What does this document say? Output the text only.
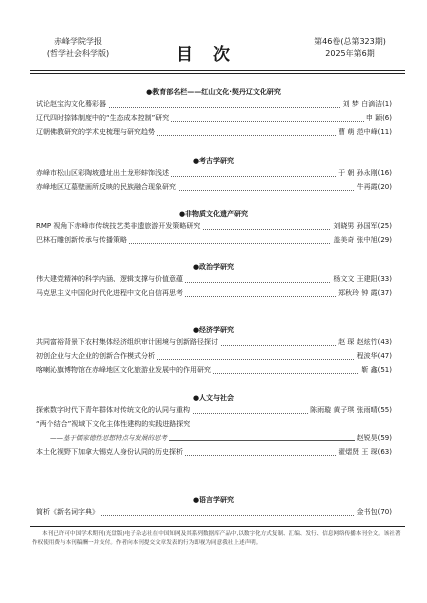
赤峰学院学报
(哲学社会科学版)	目次
第46卷(总第323期)
2025年第6期
●教育部名栏——红山文化·契丹辽文化研究
试论赵宝沟文化蓦彩器	刘 梦 白滴洁(1)
辽代四时捺钵制度中的“生态成本控制”研究	申 颖(6)
辽朝佛教研究的学术史梳理与研究趋势	曹 萌 范中峰(11)
●考古学研究
赤峰市松山区彩陶坡遗址出土龙形蚌饰浅述	于 朝 孙永刚(16)
赤峰地区辽墓壁画所反映的民族融合现象研究	牛再霞(20)
●非物质文化遗产研究
RMP 视角下赤峰市传统技艺类非遗旅游开发策略研究	刘晓男 孙国军(25)
巴林石雕创新传承与传播策略	盖美奇 张中旭(29)
●政治学研究
伟大建党精神的科学内涵、逻辑支撑与价值意蕴	杨文文 王建阳(33)
马克思主义中国化时代化进程中文化自信再思考	郑秋玲 钟 霞(37)
●经济学研究
共同富裕背景下农村集体经济组织审计困境与创新路径探讨	赵 琛 赵炫竹(43)
初创企业与大企业的创新合作模式分析	程波华(47)
喀喇沁旗博物馆在赤峰地区文化旅游业发展中的作用研究	靳 鑫(51)
●人文与社会
探索数字时代下青年群体对传统文化的认同与重构	陈雨璇 黄子琪 张雨晴(55)
“两个结合”视域下文化主体性建构的实践进路探究
——基于儒家德性思想特点与发展的思考	赵锐昊(59)
本土化视野下加拿大锡克人身份认同的历史探析	翟熠贤 王 琛(63)
●语言学研究
简析《新名词字典》	金书包(70)
本刊已许可中国学术期刊(光盘版)电子杂志社在中国知网及其系列数据库产品中,以数字化方式复制、汇编、发行、信息网络传播本刊全文。该社著作权使用费与本刊稿酬一并支付。作者向本刊提交文章发表的行为即视为同意我社上述声明。
